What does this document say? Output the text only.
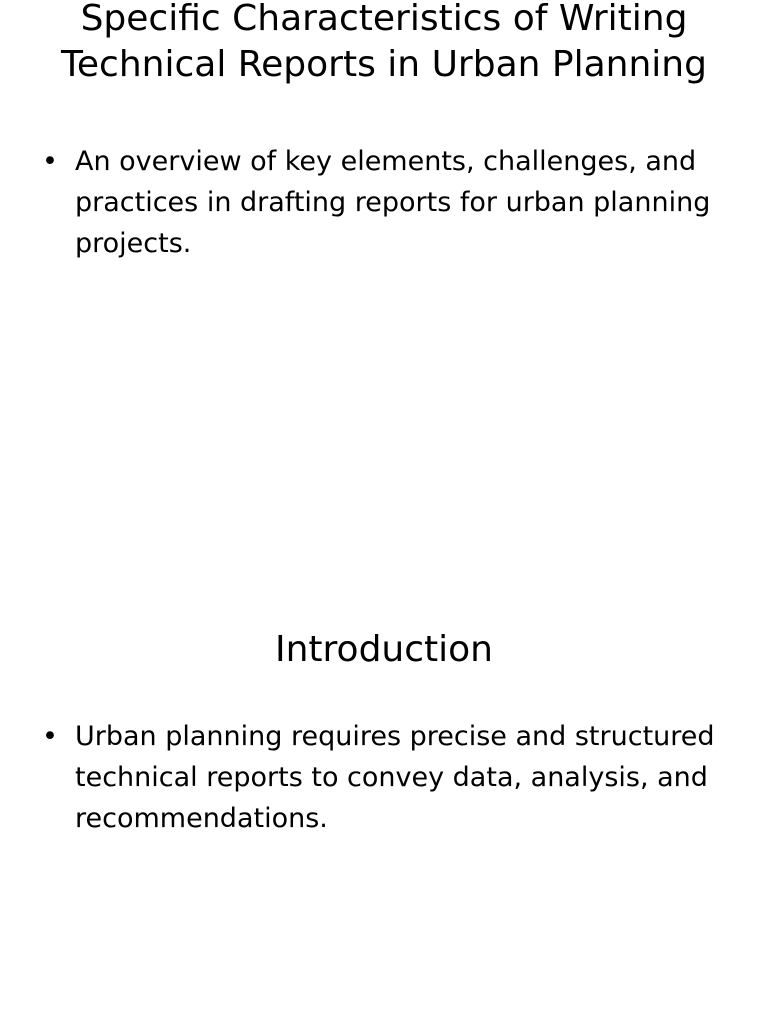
Specific Characteristics of Writing Technical Reports in Urban Planning
• An overview of key elements, challenges, and practices in drafting reports for urban planning projects.
Introduction
• Urban planning requires precise and structured technical reports to convey data, analysis, and recommendations.
